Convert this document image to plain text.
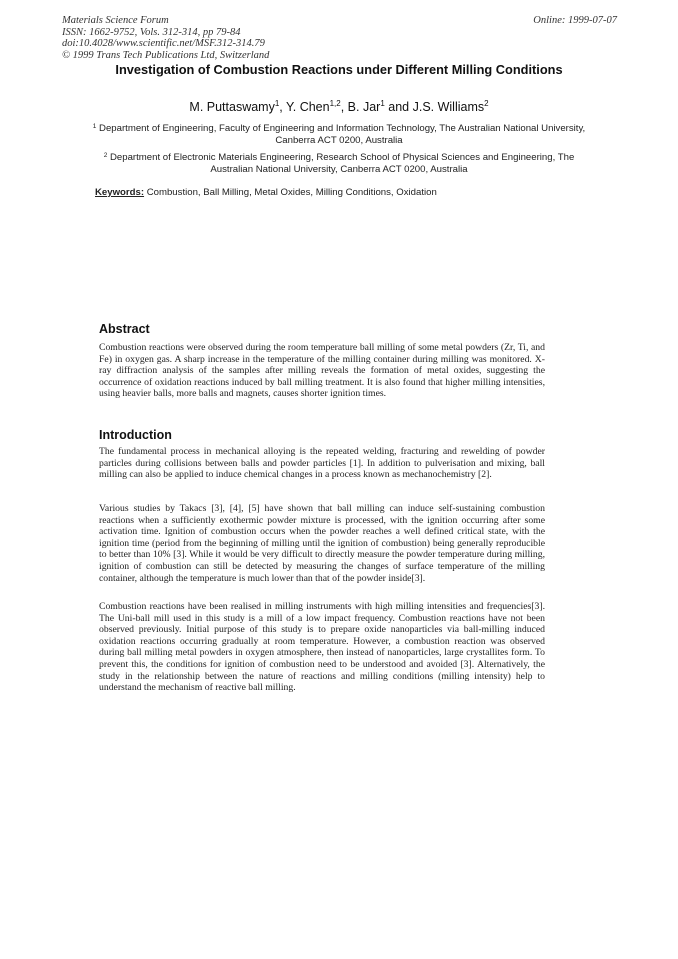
Materials Science Forum
ISSN: 1662-9752, Vols. 312-314, pp 79-84
doi:10.4028/www.scientific.net/MSF.312-314.79
© 1999 Trans Tech Publications Ltd, Switzerland
Online: 1999-07-07
Investigation of Combustion Reactions under Different Milling Conditions
M. Puttaswamy$^1$, Y. Chen$^{1,2}$, B. Jar$^1$ and J.S. Williams$^2$
$^1$ Department of Engineering, Faculty of Engineering and Information Technology, The Australian National University, Canberra ACT 0200, Australia
$^2$ Department of Electronic Materials Engineering, Research School of Physical Sciences and Engineering, The Australian National University, Canberra ACT 0200, Australia
Keywords: Combustion, Ball Milling, Metal Oxides, Milling Conditions, Oxidation
Abstract
Combustion reactions were observed during the room temperature ball milling of some metal powders (Zr, Ti, and Fe) in oxygen gas. A sharp increase in the temperature of the milling container during milling was monitored. X-ray diffraction analysis of the samples after milling reveals the formation of metal oxides, suggesting the occurrence of oxidation reactions induced by ball milling treatment. It is also found that higher milling intensities, using heavier balls, more balls and magnets, causes shorter ignition times.
Introduction
The fundamental process in mechanical alloying is the repeated welding, fracturing and rewelding of powder particles during collisions between balls and powder particles [1]. In addition to pulverisation and mixing, ball milling can also be applied to induce chemical changes in a process known as mechanochemistry [2].
Various studies by Takacs [3], [4], [5] have shown that ball milling can induce self-sustaining combustion reactions when a sufficiently exothermic powder mixture is processed, with the ignition occurring after some activation time. Ignition of combustion occurs when the powder reaches a well defined critical state, with the ignition time (period from the beginning of milling until the ignition of combustion) being generally reproducible to better than 10% [3]. While it would be very difficult to directly measure the powder temperature during milling, ignition of combustion can still be detected by measuring the changes of surface temperature of the milling container, although the temperature is much lower than that of the powder inside[3].
Combustion reactions have been realised in milling instruments with high milling intensities and frequencies[3]. The Uni-ball mill used in this study is a mill of a low impact frequency. Combustion reactions have not been observed previously. Initial purpose of this study is to prepare oxide nanoparticles via ball-milling induced oxidation reactions occurring gradually at room temperature. However, a combustion reaction was observed during ball milling metal powders in oxygen atmosphere, then instead of nanoparticles, large crystallites form. To prevent this, the conditions for ignition of combustion need to be understood and avoided [3]. Alternatively, the study in the relationship between the nature of reactions and milling conditions (milling intensity) help to understand the mechanism of reactive ball milling.
